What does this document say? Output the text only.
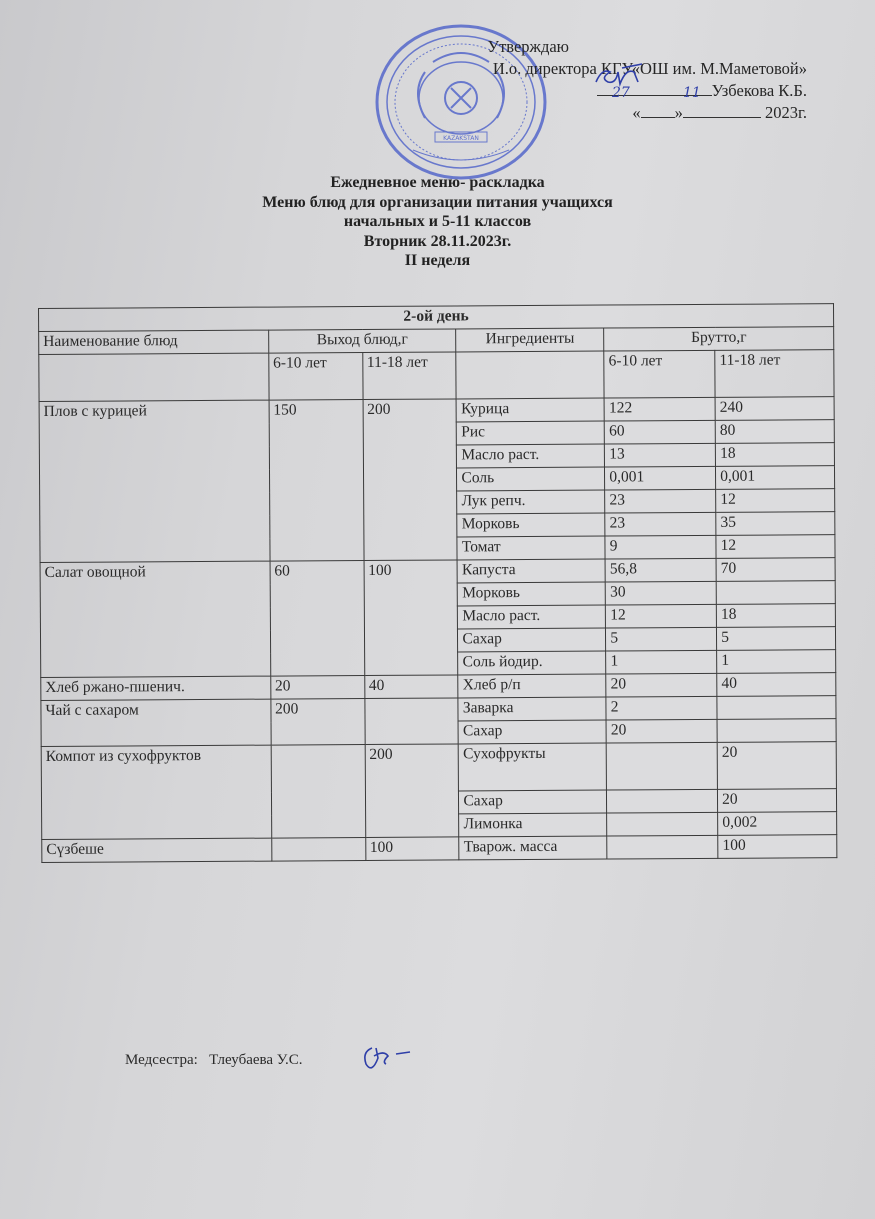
KAZAKSTAN
Утверждаю
И.о. директора КГУ«ОШ им. М.Маметовой»
Узбекова К.Б.
« »	2023г.
27	11
Ежедневное меню- раскладка
Меню блюд для организации питания учащихся
начальных и 5-11 классов
Вторник 28.11.2023г.
II неделя
2-ой день					
Наименование блюд	Выход блюд,г		Ингредиенты	Брутто,г	
	6-10 лет	11-18 лет		6-10 лет	11-18 лет
Плов с курицей	150	200	Курица	122	240
			Рис	60	80
			Масло раст.	13	18
			Соль	0,001	0,001
			Лук репч.	23	12
			Морковь	23	35
			Томат	9	12
Салат овощной	60	100	Капуста	56,8	70
			Морковь	30	
			Масло раст.	12	18
			Сахар	5	5
			Соль йодир.	1	1
Хлеб ржано-пшенич.	20	40	Хлеб р/п	20	40
Чай с сахаром	200		Заварка	2	
			Сахар	20	
Компот из сухофруктов		200	Сухофрукты		20
			Сахар		20
			Лимонка		0,002
Сүзбеше		100	Тварож. масса		100
Медсестра: Тлеубаева У.С.
